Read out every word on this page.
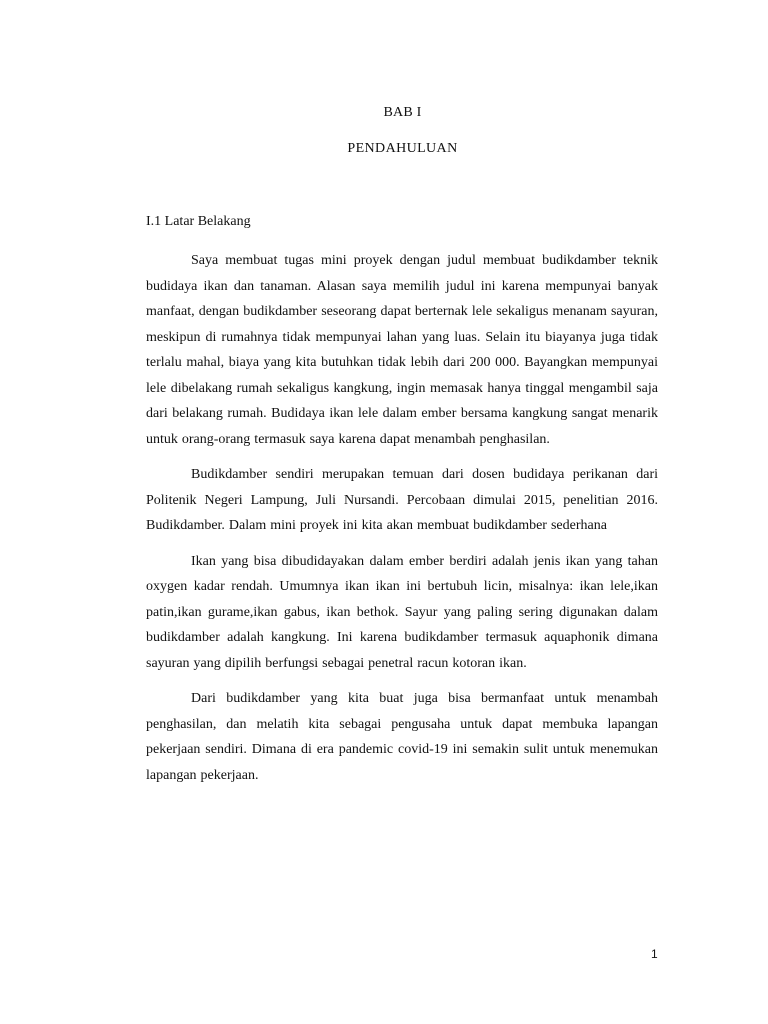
BAB I
PENDAHULUAN
I.1 Latar Belakang

Saya membuat tugas mini proyek dengan judul membuat budikdamber teknik budidaya ikan dan tanaman. Alasan saya memilih judul ini karena mempunyai banyak manfaat, dengan budikdamber seseorang dapat berternak lele sekaligus menanam sayuran, meskipun di rumahnya tidak mempunyai lahan yang luas. Selain itu biayanya juga tidak terlalu mahal, biaya yang kita butuhkan tidak lebih dari 200 000. Bayangkan mempunyai lele dibelakang rumah sekaligus kangkung, ingin memasak hanya tinggal mengambil saja dari belakang rumah. Budidaya ikan lele dalam ember bersama kangkung sangat menarik untuk orang-orang termasuk saya karena dapat menambah penghasilan.

Budikdamber sendiri merupakan temuan dari dosen budidaya perikanan dari Politenik Negeri Lampung, Juli Nursandi. Percobaan dimulai 2015, penelitian 2016. Budikdamber. Dalam mini proyek ini kita akan membuat budikdamber sederhana

Ikan yang bisa dibudidayakan dalam ember berdiri adalah jenis ikan yang tahan oxygen kadar rendah. Umumnya ikan ikan ini bertubuh licin, misalnya: ikan lele,ikan patin,ikan gurame,ikan gabus, ikan bethok. Sayur yang paling sering digunakan dalam budikdamber adalah kangkung. Ini karena budikdamber termasuk aquaphonik dimana sayuran yang dipilih berfungsi sebagai penetral racun kotoran ikan.

Dari budikdamber yang kita buat juga bisa bermanfaat untuk menambah penghasilan, dan melatih kita sebagai pengusaha untuk dapat membuka lapangan pekerjaan sendiri. Dimana di era pandemic covid-19 ini semakin sulit untuk menemukan lapangan pekerjaan.

1
